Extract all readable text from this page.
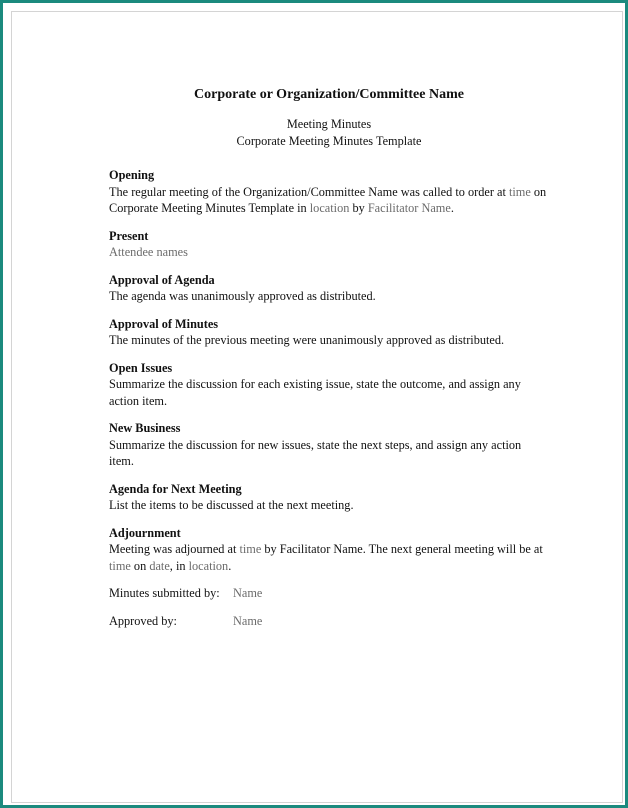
Corporate or Organization/Committee Name

Meeting Minutes

Corporate Meeting Minutes Template

Opening

The regular meeting of the Organization/Committee Name was called to order at time on Corporate Meeting Minutes Template in location by Facilitator Name.

Present

Attendee names

Approval of Agenda

The agenda was unanimously approved as distributed.

Approval of Minutes

The minutes of the previous meeting were unanimously approved as distributed.

Open Issues

Summarize the discussion for each existing issue, state the outcome, and assign any action item.

New Business

Summarize the discussion for new issues, state the next steps, and assign any action item.

Agenda for Next Meeting

List the items to be discussed at the next meeting.

Adjournment

Meeting was adjourned at time by Facilitator Name. The next general meeting will be at time on date, in location.

Minutes submitted by:	Name
Approved by:	Name
